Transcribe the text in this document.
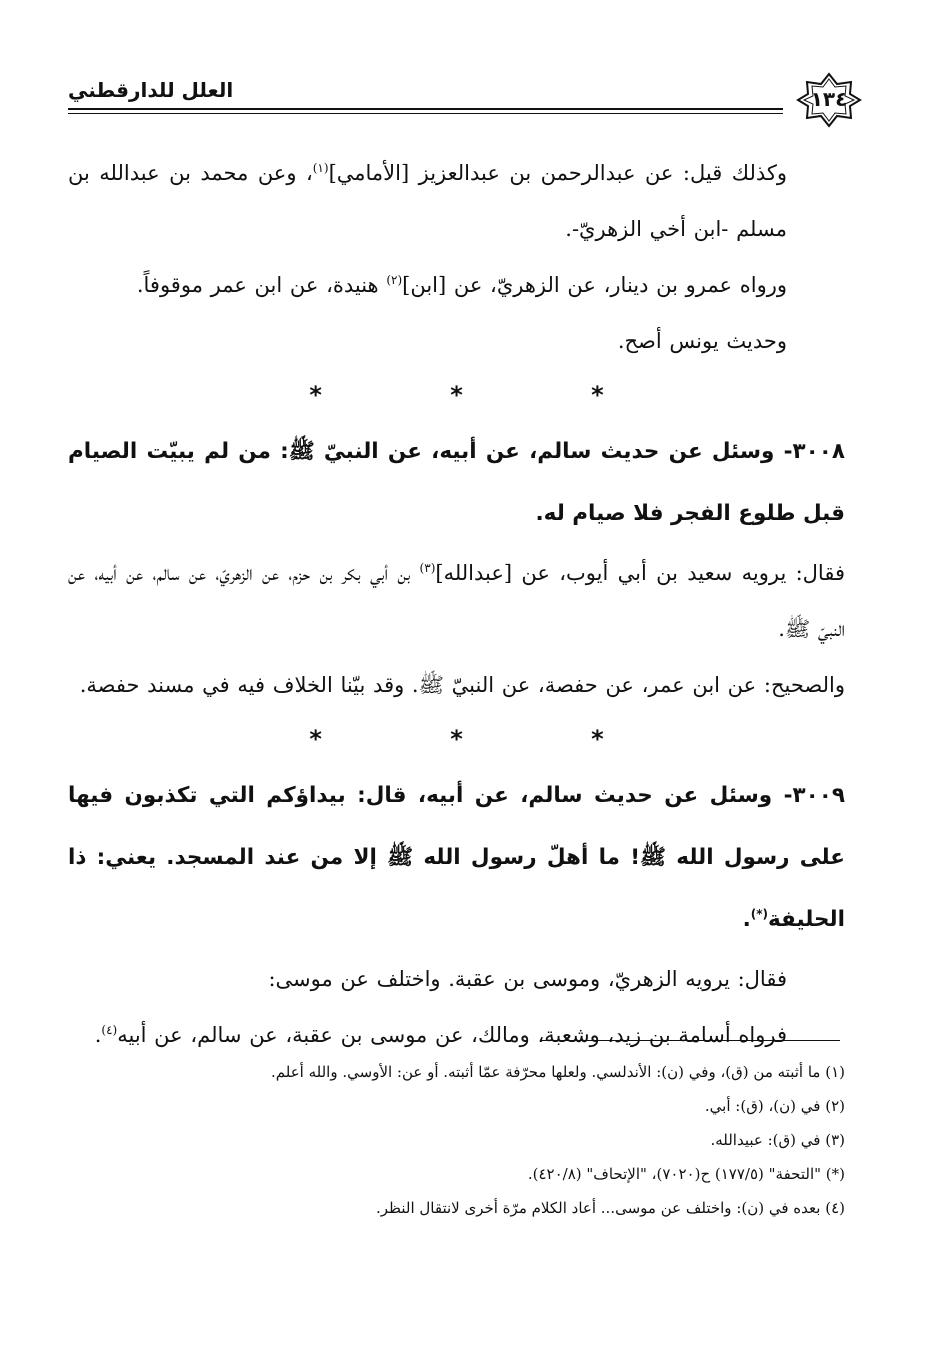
العلل للدارقطني	١٣٤

وكذلك قيل: عن عبدالرحمن بن عبدالعزيز [الأمامي]$^{(١)}$، وعن محمد بن عبدالله بن مسلم -ابن أخي الزهريّ-.

ورواه عمرو بن دينار، عن الزهريّ، عن [ابن]$^{(٢)}$ هنيدة، عن ابن عمر موقوفاً.

وحديث يونس أصح.

* * *

٣٠٠٨- وسئل عن حديث سالم، عن أبيه، عن النبيّ ﷺ: من لم يبيّت الصيام قبل طلوع الفجر فلا صيام له.

فقال: يرويه سعيد بن أبي أيوب، عن [عبدالله]$^{(٣)}$ بن أبي بكر بن حزم، عن الزهريّ، عن سالم، عن أبيه، عن النبيّ ﷺ.

والصحيح: عن ابن عمر، عن حفصة، عن النبيّ ﷺ. وقد بيّنا الخلاف فيه في مسند حفصة.

* * *

٣٠٠٩- وسئل عن حديث سالم، عن أبيه، قال: بيداؤكم التي تكذبون فيها على رسول الله ﷺ! ما أهلّ رسول الله ﷺ إلا من عند المسجد. يعني: ذا الحليفة(*).

فقال: يرويه الزهريّ، وموسى بن عقبة. واختلف عن موسى:

فرواه أسامة بن زيد، وشعبة، ومالك، عن موسى بن عقبة، عن سالم، عن أبيه$^{(٤)}$.

(١) ما أثبته من (ق)، وفي (ن): الأندلسي. ولعلها محرّفة عمّا أثبته. أو عن: الأوسي. والله أعلم.

(٢) في (ن)، (ق): أبي.

(٣) في (ق): عبيدالله.

(*) "التحفة" (١٧٧/٥) ح(٧٠٢٠)، "الإتحاف" (٤٢٠/٨).

(٤) بعده في (ن): واختلف عن موسى... أعاد الكلام مرّة أخرى لانتقال النظر.
